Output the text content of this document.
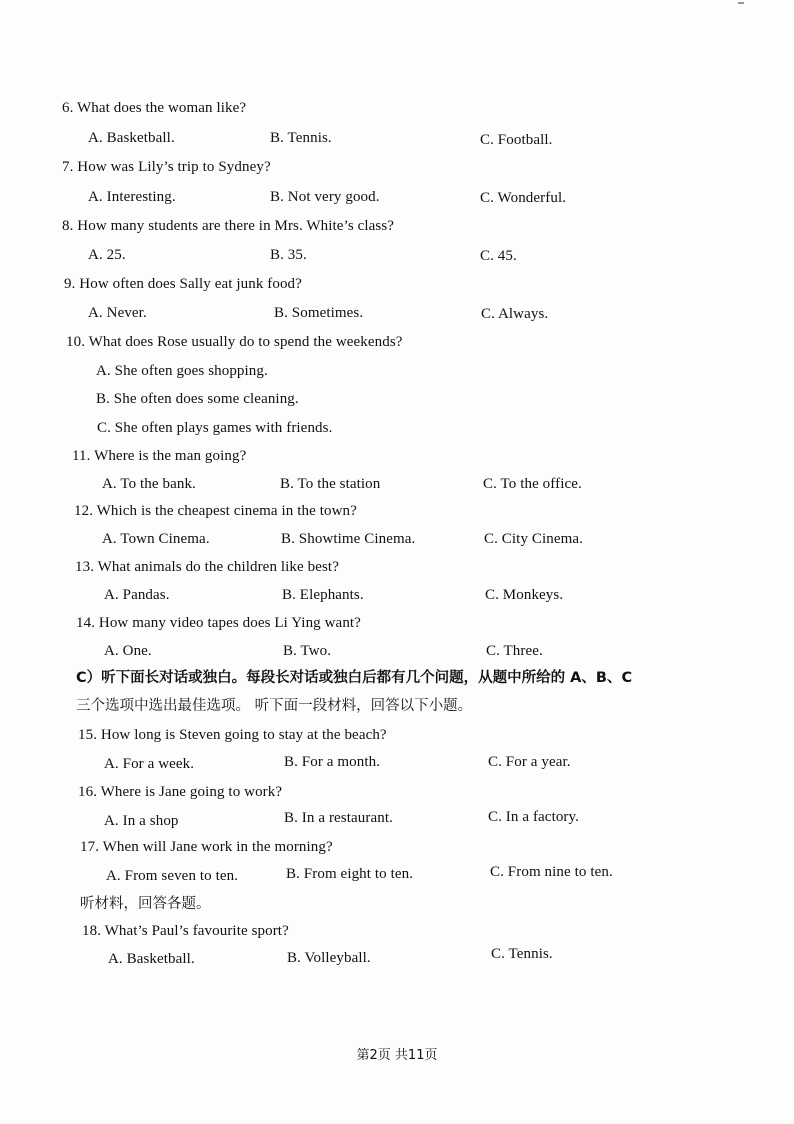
6. What does the woman like?
A. Basketball.	B. Tennis.	C. Football.
7. How was Lily’s trip to Sydney?
A. Interesting.	B. Not very good.	C. Wonderful.
8. How many students are there in Mrs. White’s class?
A. 25.	B. 35.	C. 45.
9. How often does Sally eat junk food?
A. Never.	B. Sometimes.	C. Always.
10. What does Rose usually do to spend the weekends?
A. She often goes shopping.
B. She often does some cleaning.
C. She often plays games with friends.
11. Where is the man going?
A. To the bank.	B. To the station	C. To the office.
12. Which is the cheapest cinema in the town?
A. Town Cinema.	B. Showtime Cinema.	C. City Cinema.
13. What animals do the children like best?
A. Pandas.	B. Elephants.	C. Monkeys.
14. How many video tapes does Li Ying want?
A. One.	B. Two.	C. Three.
C）听下面长对话或独白。每段长对话或独白后都有几个问题，从题中所给的 A、B、C
三个选项中选出最佳选项。 听下面一段材料，回答以下小题。
15. How long is Steven going to stay at the beach?
A. For a week.	B. For a month.	C. For a year.
16. Where is Jane going to work?
A. In a shop	B. In a restaurant.	C. In a factory.
17. When will Jane work in the morning?
A. From seven to ten.	B. From eight to ten.	C. From nine to ten.
听材料，回答各题。
18. What’s Paul’s favourite sport?
A. Basketball.	B. Volleyball.	C. Tennis.
第2页 共11页
